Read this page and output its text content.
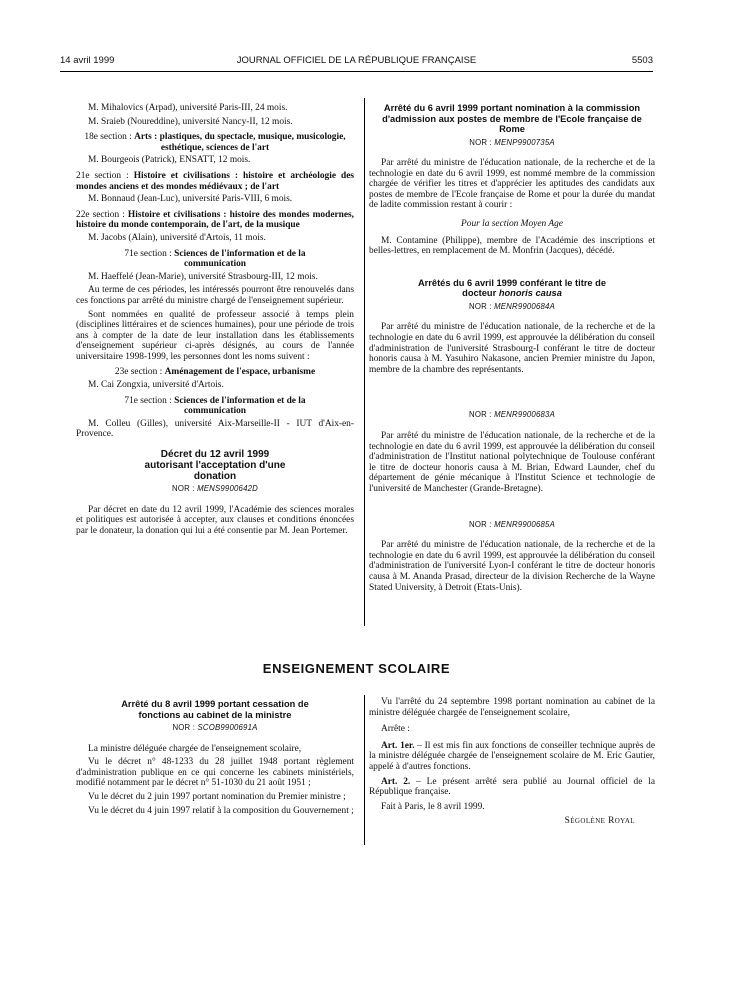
14 avril 1999	JOURNAL OFFICIEL DE LA RÉPUBLIQUE FRANÇAISE	5503

M. Mihalovics (Arpad), université Paris-III, 24 mois.

M. Sraieb (Noureddine), université Nancy-II, 12 mois.

18e section : Arts : plastiques, du spectacle, musique, musicologie, esthétique, sciences de l'art

M. Bourgeois (Patrick), ENSATT, 12 mois.

21e section : Histoire et civilisations : histoire et archéologie des mondes anciens et des mondes médiévaux ; de l'art

M. Bonnaud (Jean-Luc), université Paris-VIII, 6 mois.

22e section : Histoire et civilisations : histoire des mondes modernes, histoire du monde contemporain, de l'art, de la musique

M. Jacobs (Alain), université d'Artois, 11 mois.

71e section : Sciences de l'information et de la communication

M. Haeffelé (Jean-Marie), université Strasbourg-III, 12 mois.

Au terme de ces périodes, les intéressés pourront être renouvelés dans ces fonctions par arrêté du ministre chargé de l'enseignement supérieur.

Sont nommées en qualité de professeur associé à temps plein (disciplines littéraires et de sciences humaines), pour une période de trois ans à compter de la date de leur installation dans les établissements d'enseignement supérieur ci-après désignés, au cours de l'année universitaire 1998-1999, les personnes dont les noms suivent :

23e section : Aménagement de l'espace, urbanisme

M. Cai Zongxia, université d'Artois.

71e section : Sciences de l'information et de la communication

M. Colleu (Gilles), université Aix-Marseille-II - IUT d'Aix-en-Provence.

Décret du 12 avril 1999 autorisant l'acceptation d'une donation
NOR : MENS9900642D

Par décret en date du 12 avril 1999, l'Académie des sciences morales et politiques est autorisée à accepter, aux clauses et conditions énoncées par le donateur, la donation qui lui a été consentie par M. Jean Portemer.

Arrêté du 6 avril 1999 portant nomination à la commission d'admission aux postes de membre de l'Ecole française de Rome
NOR : MENP9900735A

Par arrêté du ministre de l'éducation nationale, de la recherche et de la technologie en date du 6 avril 1999, est nommé membre de la commission chargée de vérifier les titres et d'apprécier les aptitudes des candidats aux postes de membre de l'Ecole française de Rome et pour la durée du mandat de ladite commission restant à courir :

Pour la section Moyen Age

M. Contamine (Philippe), membre de l'Académie des inscriptions et belles-lettres, en remplacement de M. Monfrin (Jacques), décédé.

Arrêtés du 6 avril 1999 conférant le titre de docteur honoris causa
NOR : MENR9900684A

Par arrêté du ministre de l'éducation nationale, de la recherche et de la technologie en date du 6 avril 1999, est approuvée la délibération du conseil d'administration de l'université Strasbourg-I conférant le titre de docteur honoris causa à M. Yasuhiro Nakasone, ancien Premier ministre du Japon, membre de la chambre des représentants.

NOR : MENR9900683A

Par arrêté du ministre de l'éducation nationale, de la recherche et de la technologie en date du 6 avril 1999, est approuvée la délibération du conseil d'administration de l'Institut national polytechnique de Toulouse conférant le titre de docteur honoris causa à M. Brian, Edward Launder, chef du département de génie mécanique à l'Institut Science et technologie de l'université de Manchester (Grande-Bretagne).

NOR : MENR9900685A

Par arrêté du ministre de l'éducation nationale, de la recherche et de la technologie en date du 6 avril 1999, est approuvée la délibération du conseil d'administration de l'université Lyon-I conférant le titre de docteur honoris causa à M. Ananda Prasad, directeur de la division Recherche de la Wayne Stated University, à Detroit (Etats-Unis).

ENSEIGNEMENT SCOLAIRE
Arrêté du 8 avril 1999 portant cessation de fonctions au cabinet de la ministre
NOR : SCOB9900691A

La ministre déléguée chargée de l'enseignement scolaire,

Vu le décret n° 48-1233 du 28 juillet 1948 portant règlement d'administration publique en ce qui concerne les cabinets ministériels, modifié notamment par le décret n° 51-1030 du 21 août 1951 ;

Vu le décret du 2 juin 1997 portant nomination du Premier ministre ;

Vu le décret du 4 juin 1997 relatif à la composition du Gouvernement ;

Vu l'arrêté du 24 septembre 1998 portant nomination au cabinet de la ministre déléguée chargée de l'enseignement scolaire,

Arrête :

Art. 1er. – Il est mis fin aux fonctions de conseiller technique auprès de la ministre déléguée chargée de l'enseignement scolaire de M. Eric Gautier, appelé à d'autres fonctions.

Art. 2. – Le présent arrêté sera publié au Journal officiel de la République française.

Fait à Paris, le 8 avril 1999.

Ségolène Royal
